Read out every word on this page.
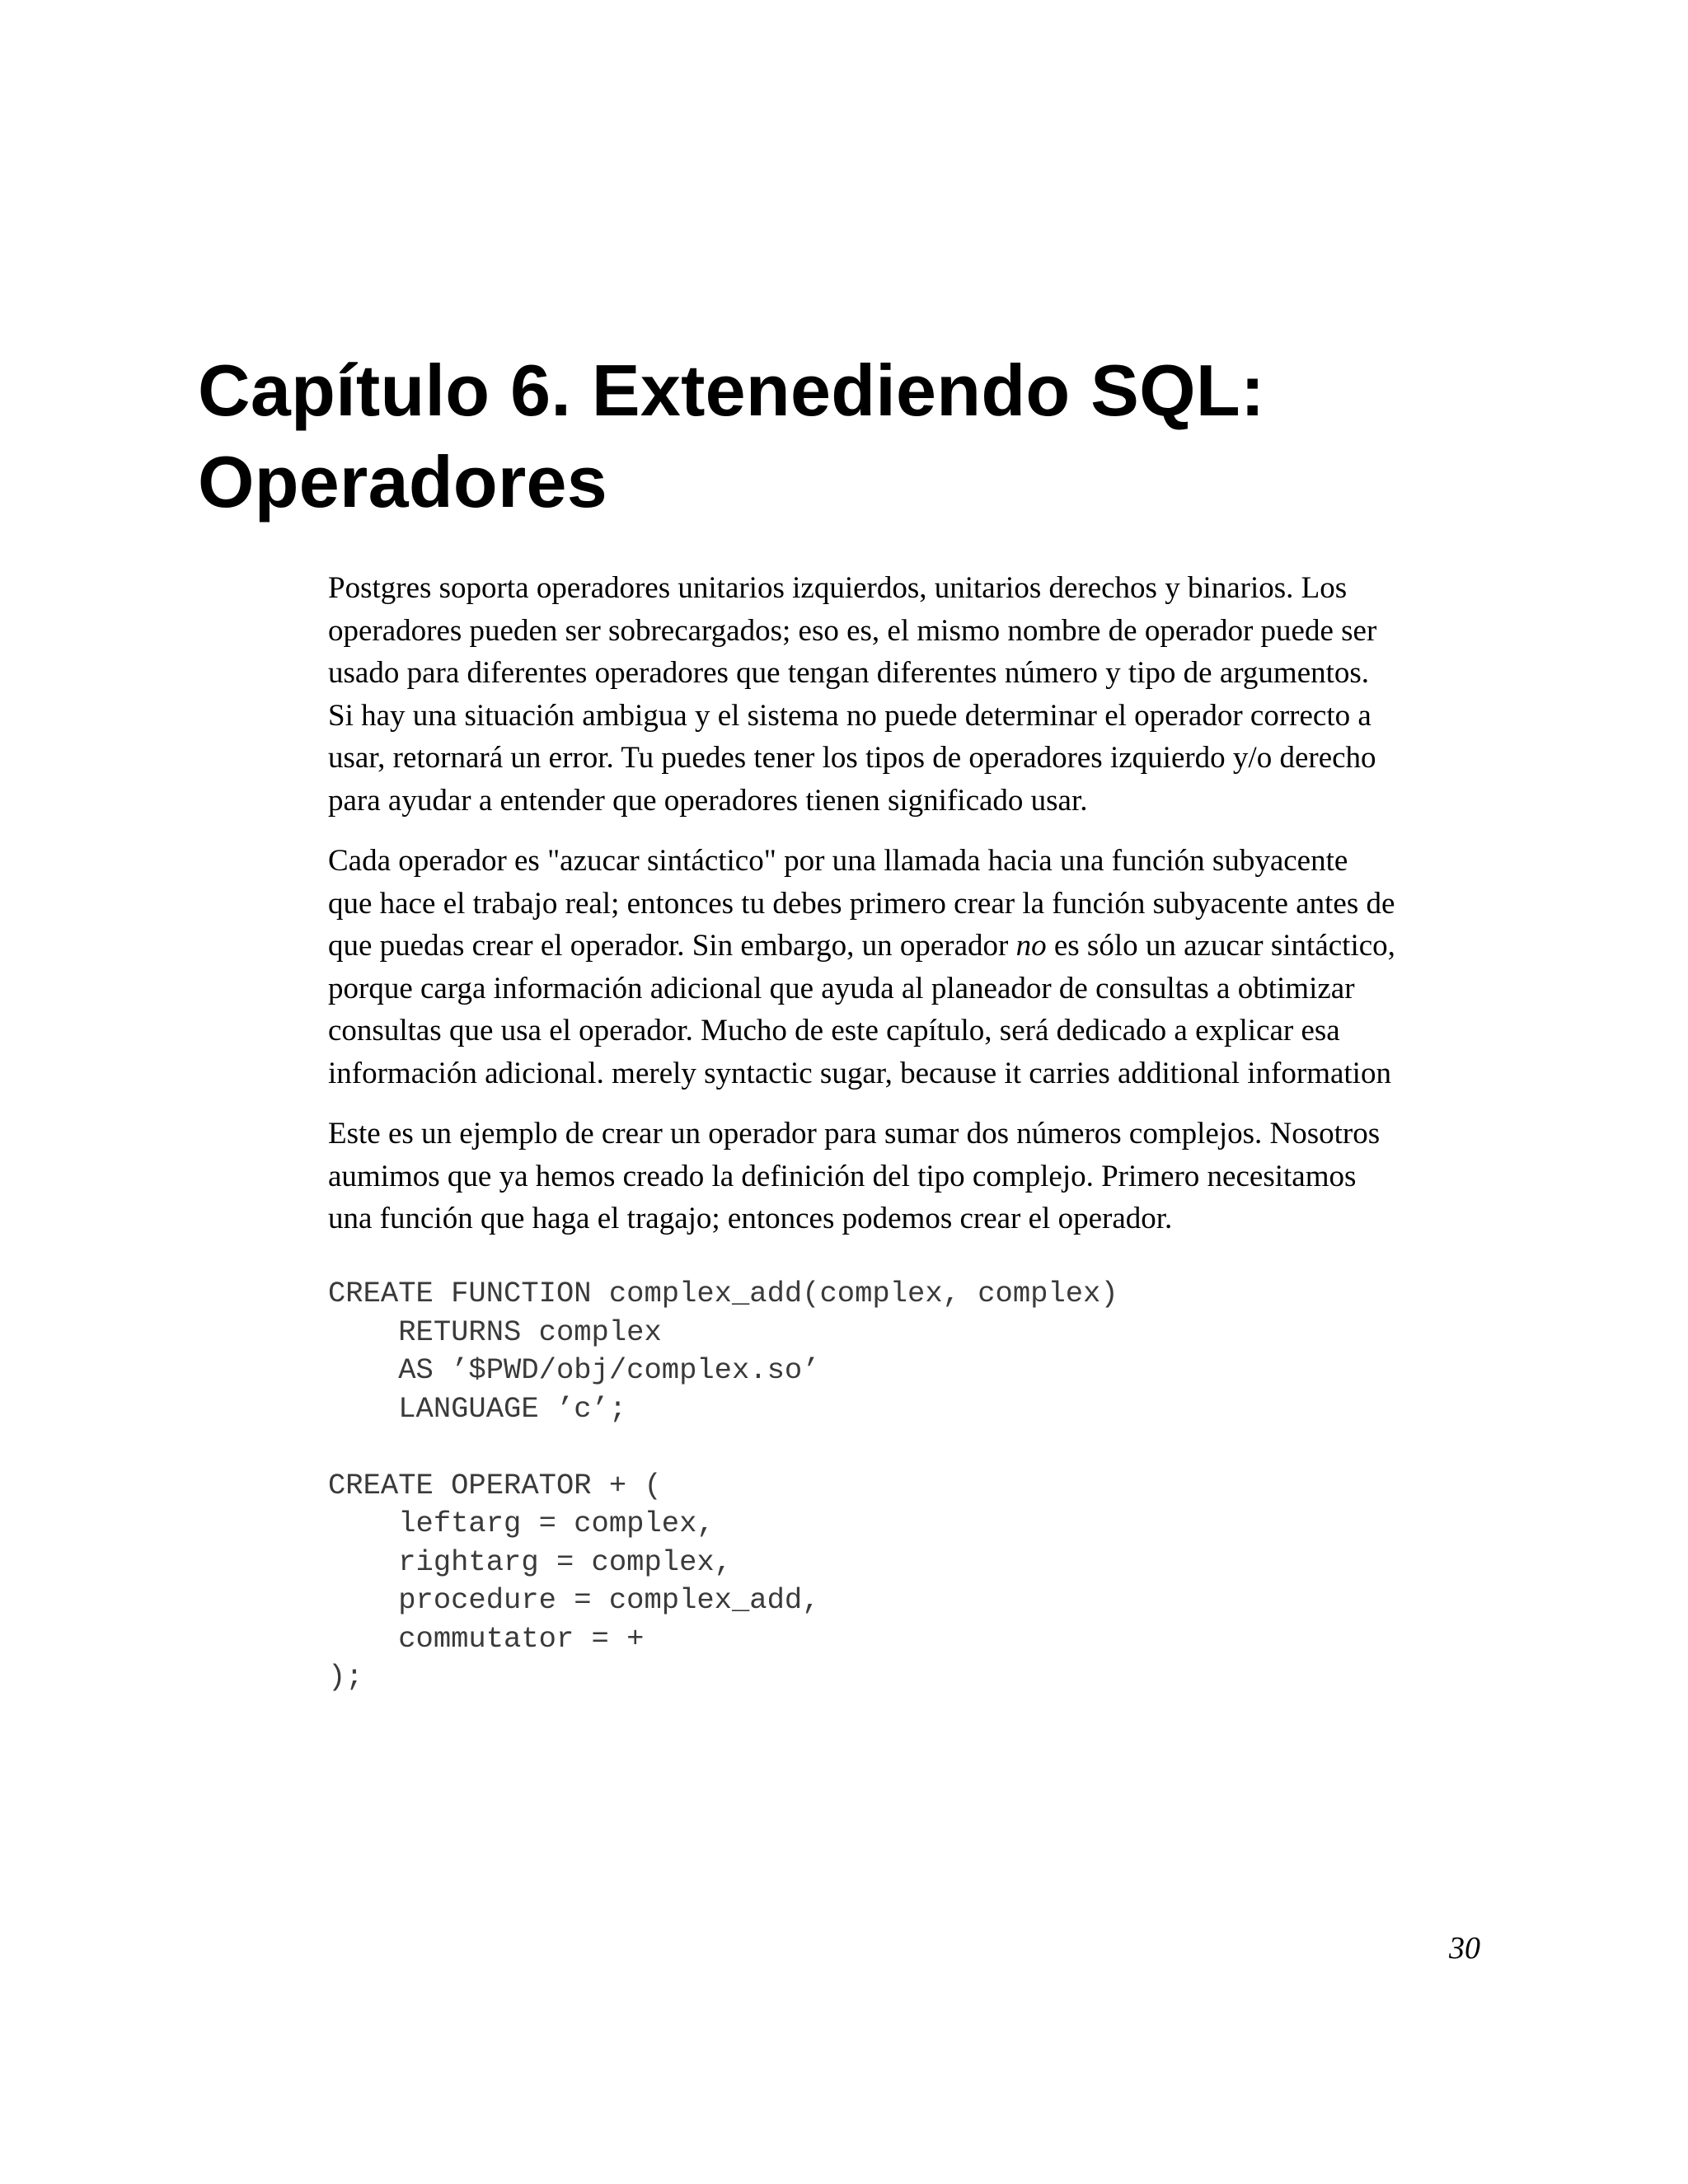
Capítulo 6. Extenediendo SQL:
Operadores

Postgres soporta operadores unitarios izquierdos, unitarios derechos y binarios. Los
operadores pueden ser sobrecargados; eso es, el mismo nombre de operador puede ser
usado para diferentes operadores que tengan diferentes número y tipo de argumentos.
Si hay una situación ambigua y el sistema no puede determinar el operador correcto a
usar, retornará un error. Tu puedes tener los tipos de operadores izquierdo y/o derecho
para ayudar a entender que operadores tienen significado usar.

Cada operador es "azucar sintáctico" por una llamada hacia una función subyacente
que hace el trabajo real; entonces tu debes primero crear la función subyacente antes de
que puedas crear el operador. Sin embargo, un operador no es sólo un azucar sintáctico,
porque carga información adicional que ayuda al planeador de consultas a obtimizar
consultas que usa el operador. Mucho de este capítulo, será dedicado a explicar esa
información adicional. merely syntactic sugar, because it carries additional information

Este es un ejemplo de crear un operador para sumar dos números complejos. Nosotros
aumimos que ya hemos creado la definición del tipo complejo. Primero necesitamos
una función que haga el tragajo; entonces podemos crear el operador.

CREATE FUNCTION complex_add(complex, complex)
RETURNS complex
AS ’$PWD/obj/complex.so’
LANGUAGE ’c’;
CREATE OPERATOR + (
leftarg = complex,
rightarg = complex,
procedure = complex_add,
commutator = +
);
30
